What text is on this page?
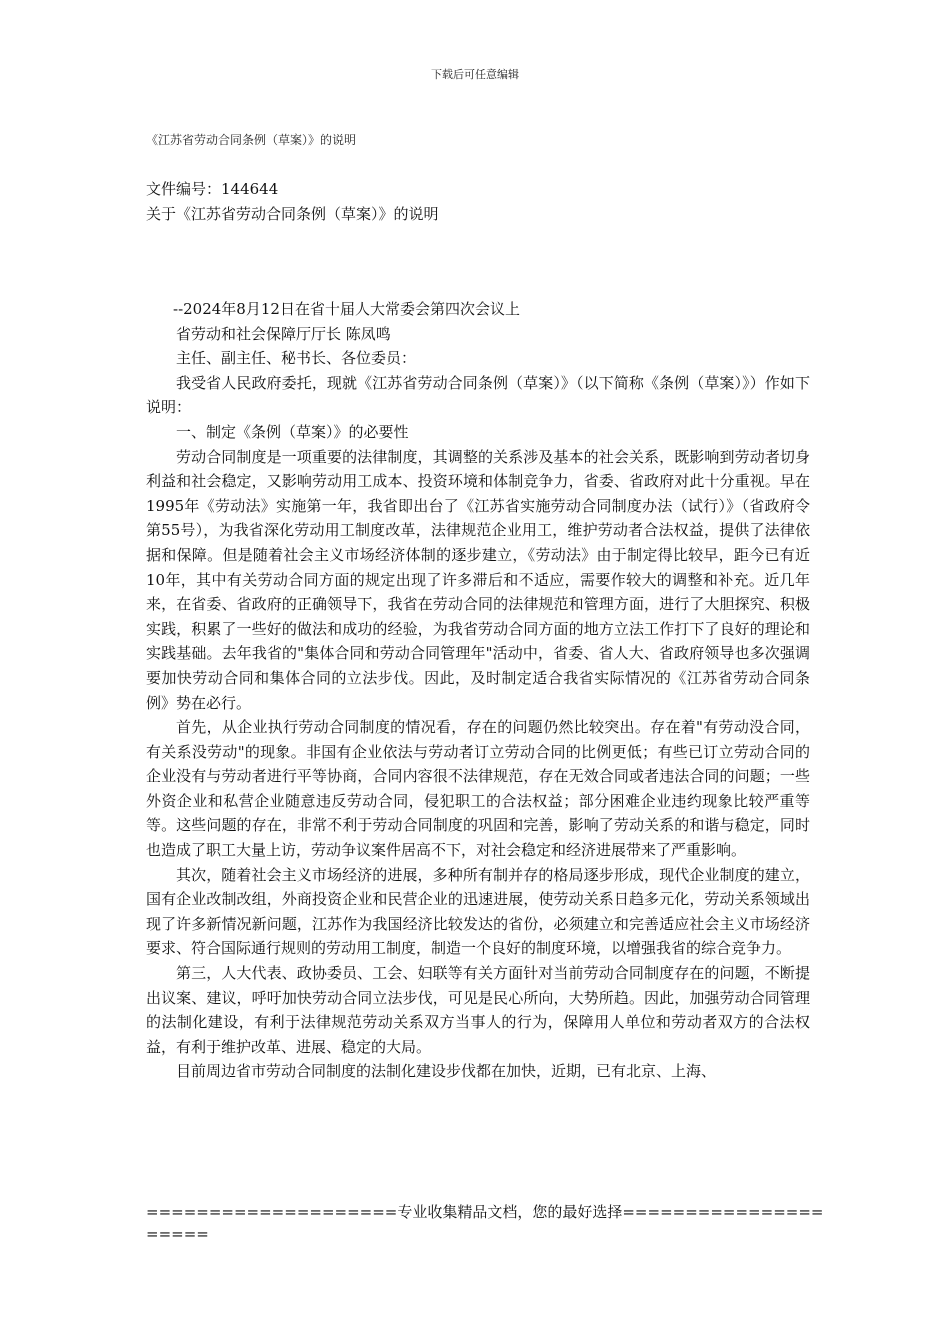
下载后可任意编辑
《江苏省劳动合同条例（草案）》的说明
文件编号：144644
关于《江苏省劳动合同条例（草案）》的说明

--2024年8月12日在省十届人大常委会第四次会议上

省劳动和社会保障厅厅长 陈凤鸣

主任、副主任、秘书长、各位委员：

我受省人民政府委托，现就《江苏省劳动合同条例（草案）》（以下简称《条例（草案）》）作如下说明：

一、制定《条例（草案）》的必要性

劳动合同制度是一项重要的法律制度，其调整的关系涉及基本的社会关系，既影响到劳动者切身利益和社会稳定，又影响劳动用工成本、投资环境和体制竞争力，省委、省政府对此十分重视。早在1995年《劳动法》实施第一年，我省即出台了《江苏省实施劳动合同制度办法（试行）》（省政府令第55号），为我省深化劳动用工制度改革，法律规范企业用工，维护劳动者合法权益，提供了法律依据和保障。但是随着社会主义市场经济体制的逐步建立，《劳动法》由于制定得比较早，距今已有近10年，其中有关劳动合同方面的规定出现了许多滞后和不适应，需要作较大的调整和补充。近几年来，在省委、省政府的正确领导下，我省在劳动合同的法律规范和管理方面，进行了大胆探究、积极实践，积累了一些好的做法和成功的经验，为我省劳动合同方面的地方立法工作打下了良好的理论和实践基础。去年我省的"集体合同和劳动合同管理年"活动中，省委、省人大、省政府领导也多次强调要加快劳动合同和集体合同的立法步伐。因此，及时制定适合我省实际情况的《江苏省劳动合同条例》势在必行。

首先，从企业执行劳动合同制度的情况看，存在的问题仍然比较突出。存在着"有劳动没合同，有关系没劳动"的现象。非国有企业依法与劳动者订立劳动合同的比例更低；有些已订立劳动合同的企业没有与劳动者进行平等协商，合同内容很不法律规范，存在无效合同或者违法合同的问题；一些外资企业和私营企业随意违反劳动合同，侵犯职工的合法权益；部分困难企业违约现象比较严重等等。这些问题的存在，非常不利于劳动合同制度的巩固和完善，影响了劳动关系的和谐与稳定，同时也造成了职工大量上访，劳动争议案件居高不下，对社会稳定和经济进展带来了严重影响。

其次，随着社会主义市场经济的进展，多种所有制并存的格局逐步形成，现代企业制度的建立，国有企业改制改组，外商投资企业和民营企业的迅速进展，使劳动关系日趋多元化，劳动关系领域出现了许多新情况新问题，江苏作为我国经济比较发达的省份，必须建立和完善适应社会主义市场经济要求、符合国际通行规则的劳动用工制度，制造一个良好的制度环境，以增强我省的综合竞争力。

第三，人大代表、政协委员、工会、妇联等有关方面针对当前劳动合同制度存在的问题，不断提出议案、建议，呼吁加快劳动合同立法步伐，可见是民心所向，大势所趋。因此，加强劳动合同管理的法制化建设，有利于法律规范劳动关系双方当事人的行为，保障用人单位和劳动者双方的合法权益，有利于维护改革、进展、稳定的大局。

目前周边省市劳动合同制度的法制化建设步伐都在加快，近期，已有北京、上海、

====================专业收集精品文档，您的最好选择=====================
